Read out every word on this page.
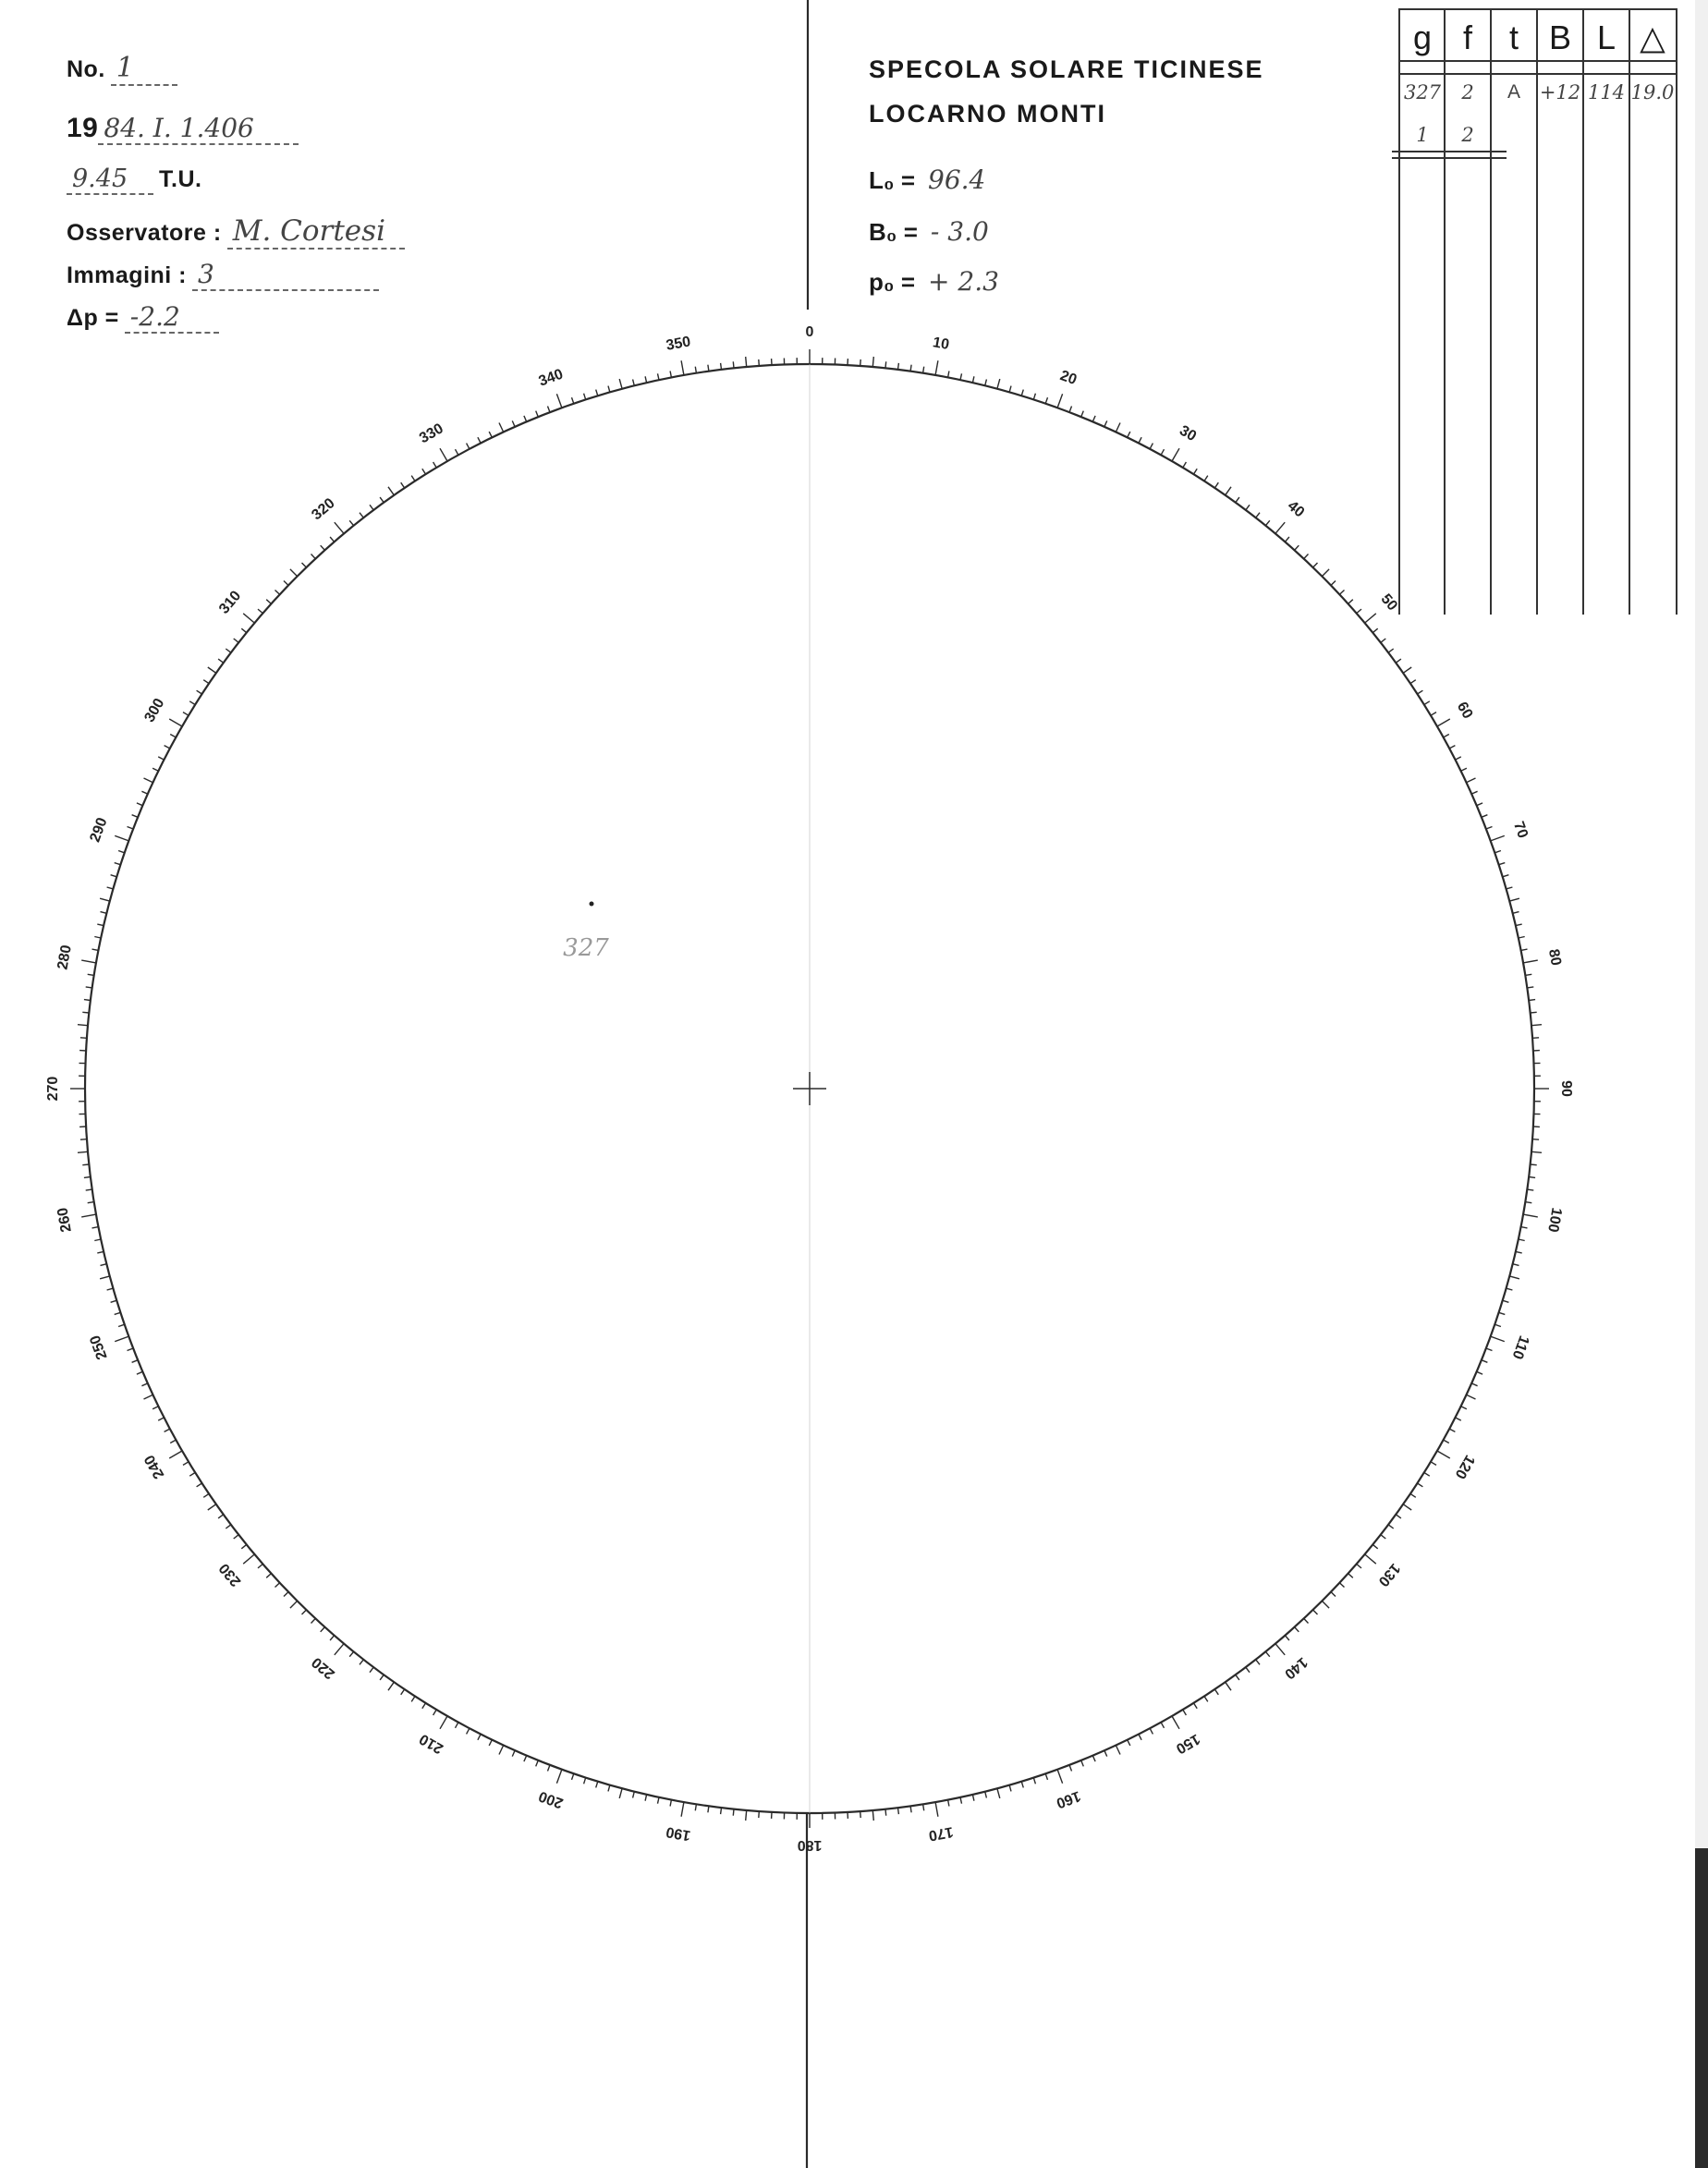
No. 1
19 84. I. 1.406
9.45	T.U.
Osservatore : M. Cortesi
Immagini : 3
Δp = -2.2
SPECOLA SOLARE TICINESE
LOCARNO MONTI
L₀ = 96.4
B₀ = - 3.0
p₀ = + 2.3
g f	t B L △
327	2	A +12 114 19.0
1	2
0
10
20
30
40
50
60
70
80
90
100
110
120
130
140
150
160
170
180
190
200
210
220
230
240
250
260
270
280
290
300
310
320
330
340
350
327
